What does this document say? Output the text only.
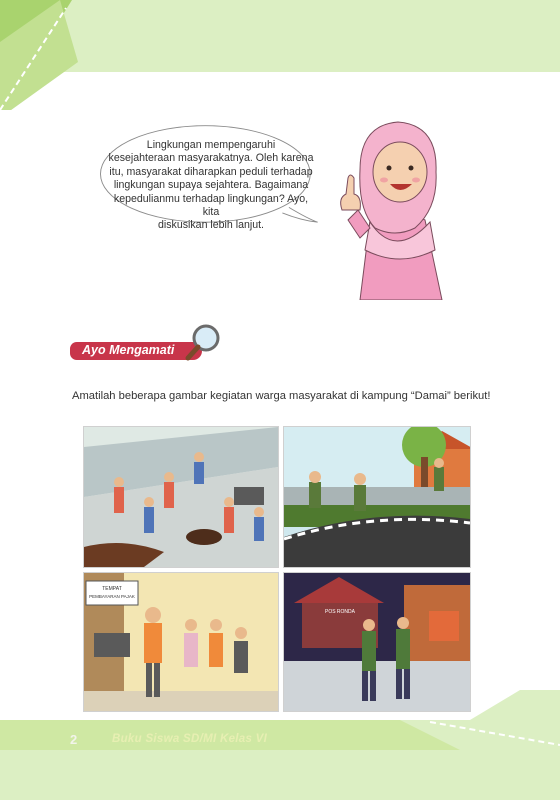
Lingkungan mempengaruhi
kesejahteraan masyarakatnya. Oleh karena
itu, masyarakat diharapkan peduli terhadap
lingkungan supaya sejahtera. Bagaimana
kepedulianmu terhadap lingkungan? Ayo, kita
diskusikan lebih lanjut.
Ayo Mengamati
Amatilah beberapa gambar kegiatan warga masyarakat di kampung “Damai” berikut!
TEMPAT
PEMBAYARAN PAJAK
POS RONDA
2	Buku Siswa SD/MI Kelas VI
